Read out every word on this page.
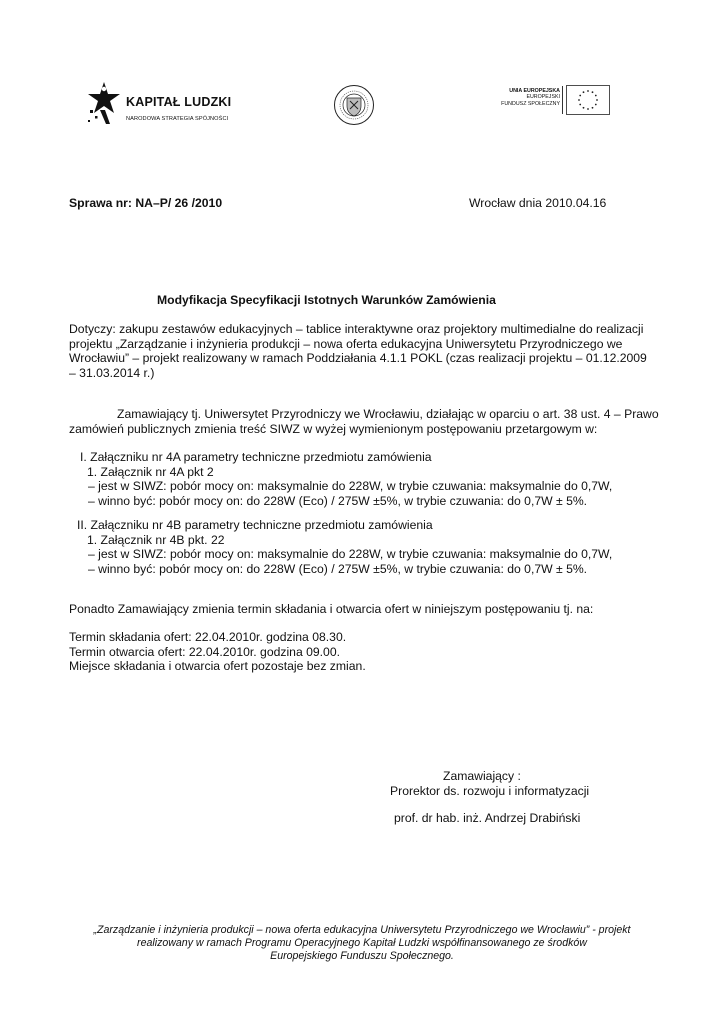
KAPITAŁ LUDZKI
NARODOWA STRATEGIA SPÓJNOŚCI
UNIA EUROPEJSKA
EUROPEJSKI
FUNDUSZ SPOŁECZNY
Sprawa nr: NA–P/ 26 /2010	Wrocław dnia 2010.04.16
Modyfikacja Specyfikacji Istotnych Warunków Zamówienia
Dotyczy: zakupu zestawów edukacyjnych – tablice interaktywne oraz projektory multimedialne do realizacji
projektu „Zarządzanie i inżynieria produkcji – nowa oferta edukacyjna Uniwersytetu Przyrodniczego we
Wrocławiu” – projekt realizowany w ramach Poddziałania 4.1.1 POKL (czas realizacji projektu – 01.12.2009
– 31.03.2014 r.)
Zamawiający tj. Uniwersytet Przyrodniczy we Wrocławiu, działając w oparciu o art. 38 ust. 4 – Prawo
zamówień publicznych zmienia treść SIWZ w wyżej wymienionym postępowaniu przetargowym w:
I. Załączniku nr 4A parametry techniczne przedmiotu zamówienia
1. Załącznik nr 4A pkt 2
– jest w SIWZ: pobór mocy on: maksymalnie do 228W, w trybie czuwania: maksymalnie do 0,7W,
– winno być: pobór mocy on: do 228W (Eco) / 275W ±5%, w trybie czuwania: do 0,7W ± 5%.
II. Załączniku nr 4B parametry techniczne przedmiotu zamówienia
1. Załącznik nr 4B pkt. 22
– jest w SIWZ: pobór mocy on: maksymalnie do 228W, w trybie czuwania: maksymalnie do 0,7W,
– winno być: pobór mocy on: do 228W (Eco) / 275W ±5%, w trybie czuwania: do 0,7W ± 5%.
Ponadto Zamawiający zmienia termin składania i otwarcia ofert w niniejszym postępowaniu tj. na:
Termin składania ofert: 22.04.2010r. godzina 08.30.
Termin otwarcia ofert: 22.04.2010r. godzina 09.00.
Miejsce składania i otwarcia ofert pozostaje bez zmian.
Zamawiający :
Prorektor ds. rozwoju i informatyzacji
prof. dr hab. inż. Andrzej Drabiński
„Zarządzanie i inżynieria produkcji – nowa oferta edukacyjna Uniwersytetu Przyrodniczego we Wrocławiu” - projekt
realizowany w ramach Programu Operacyjnego Kapitał Ludzki współfinansowanego ze środków
Europejskiego Funduszu Społecznego.
